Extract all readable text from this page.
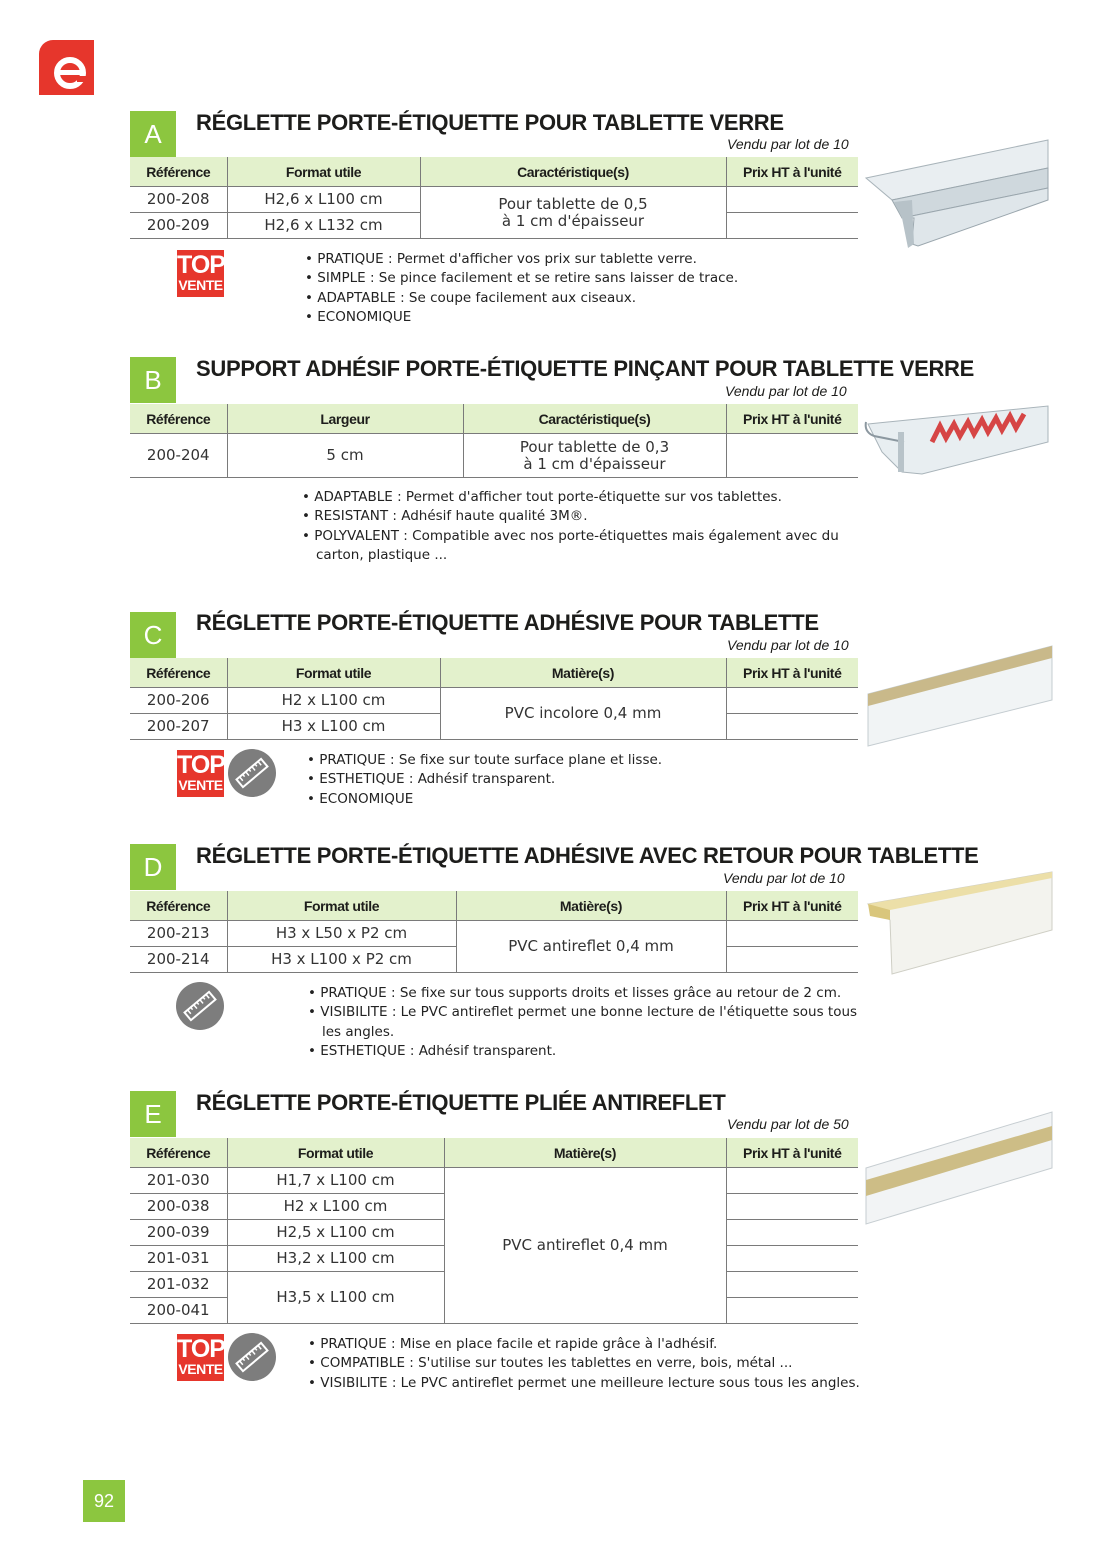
A	RÉGLETTE PORTE-ÉTIQUETTE POUR TABLETTE VERRE
Vendu par lot de 10
Référence	Format utile	Caractéristique(s)	Prix HT à l'unité
200-208	H2,6 x L100 cm	Pour tablette de 0,5
à 1 cm d'épaisseur	

200-209	H2,6 x L132 cm		
TOP
VENTE
• PRATIQUE : Permet d'afficher vos prix sur tablette verre.
• SIMPLE : Se pince facilement et se retire sans laisser de trace.
• ADAPTABLE : Se coupe facilement aux ciseaux.
• ECONOMIQUE
B	SUPPORT ADHÉSIF PORTE-ÉTIQUETTE PINÇANT POUR TABLETTE VERRE
Vendu par lot de 10
Référence	Largeur	Caractéristique(s)	Prix HT à l'unité
200-204	5 cm	Pour tablette de 0,3
à 1 cm d'épaisseur	

• ADAPTABLE : Permet d'afficher tout porte-étiquette sur vos tablettes.
• RESISTANT : Adhésif haute qualité 3M®.
• POLYVALENT : Compatible avec nos porte-étiquettes mais également avec du carton, plastique ...
C	RÉGLETTE PORTE-ÉTIQUETTE ADHÉSIVE POUR TABLETTE
Vendu par lot de 10
Référence	Format utile	Matière(s)	Prix HT à l'unité
200-206	H2 x L100 cm	PVC incolore 0,4 mm	
200-207	H3 x L100 cm		
TOP
VENTE
• PRATIQUE : Se fixe sur toute surface plane et lisse.
• ESTHETIQUE : Adhésif transparent.
• ECONOMIQUE
D	RÉGLETTE PORTE-ÉTIQUETTE ADHÉSIVE AVEC RETOUR POUR TABLETTE
Vendu par lot de 10
Référence	Format utile	Matière(s)	Prix HT à l'unité
200-213	H3 x L50 x P2 cm	PVC antireflet 0,4 mm	
200-214	H3 x L100 x P2 cm		
• PRATIQUE : Se fixe sur tous supports droits et lisses grâce au retour de 2 cm.
• VISIBILITE : Le PVC antireflet permet une bonne lecture de l'étiquette sous tous les angles.
• ESTHETIQUE : Adhésif transparent.
E	RÉGLETTE PORTE-ÉTIQUETTE PLIÉE ANTIREFLET
Vendu par lot de 50
Référence	Format utile	Matière(s)	Prix HT à l'unité
201-030	H1,7 x L100 cm	PVC antireflet 0,4 mm	
200-038	H2 x L100 cm		
200-039	H2,5 x L100 cm		
201-031	H3,2 x L100 cm		
201-032	H3,5 x L100 cm		
200-041			
TOP
VENTE
• PRATIQUE : Mise en place facile et rapide grâce à l'adhésif.
• COMPATIBLE : S'utilise sur toutes les tablettes en verre, bois, métal ...
• VISIBILITE : Le PVC antireflet permet une meilleure lecture sous tous les angles.
92
